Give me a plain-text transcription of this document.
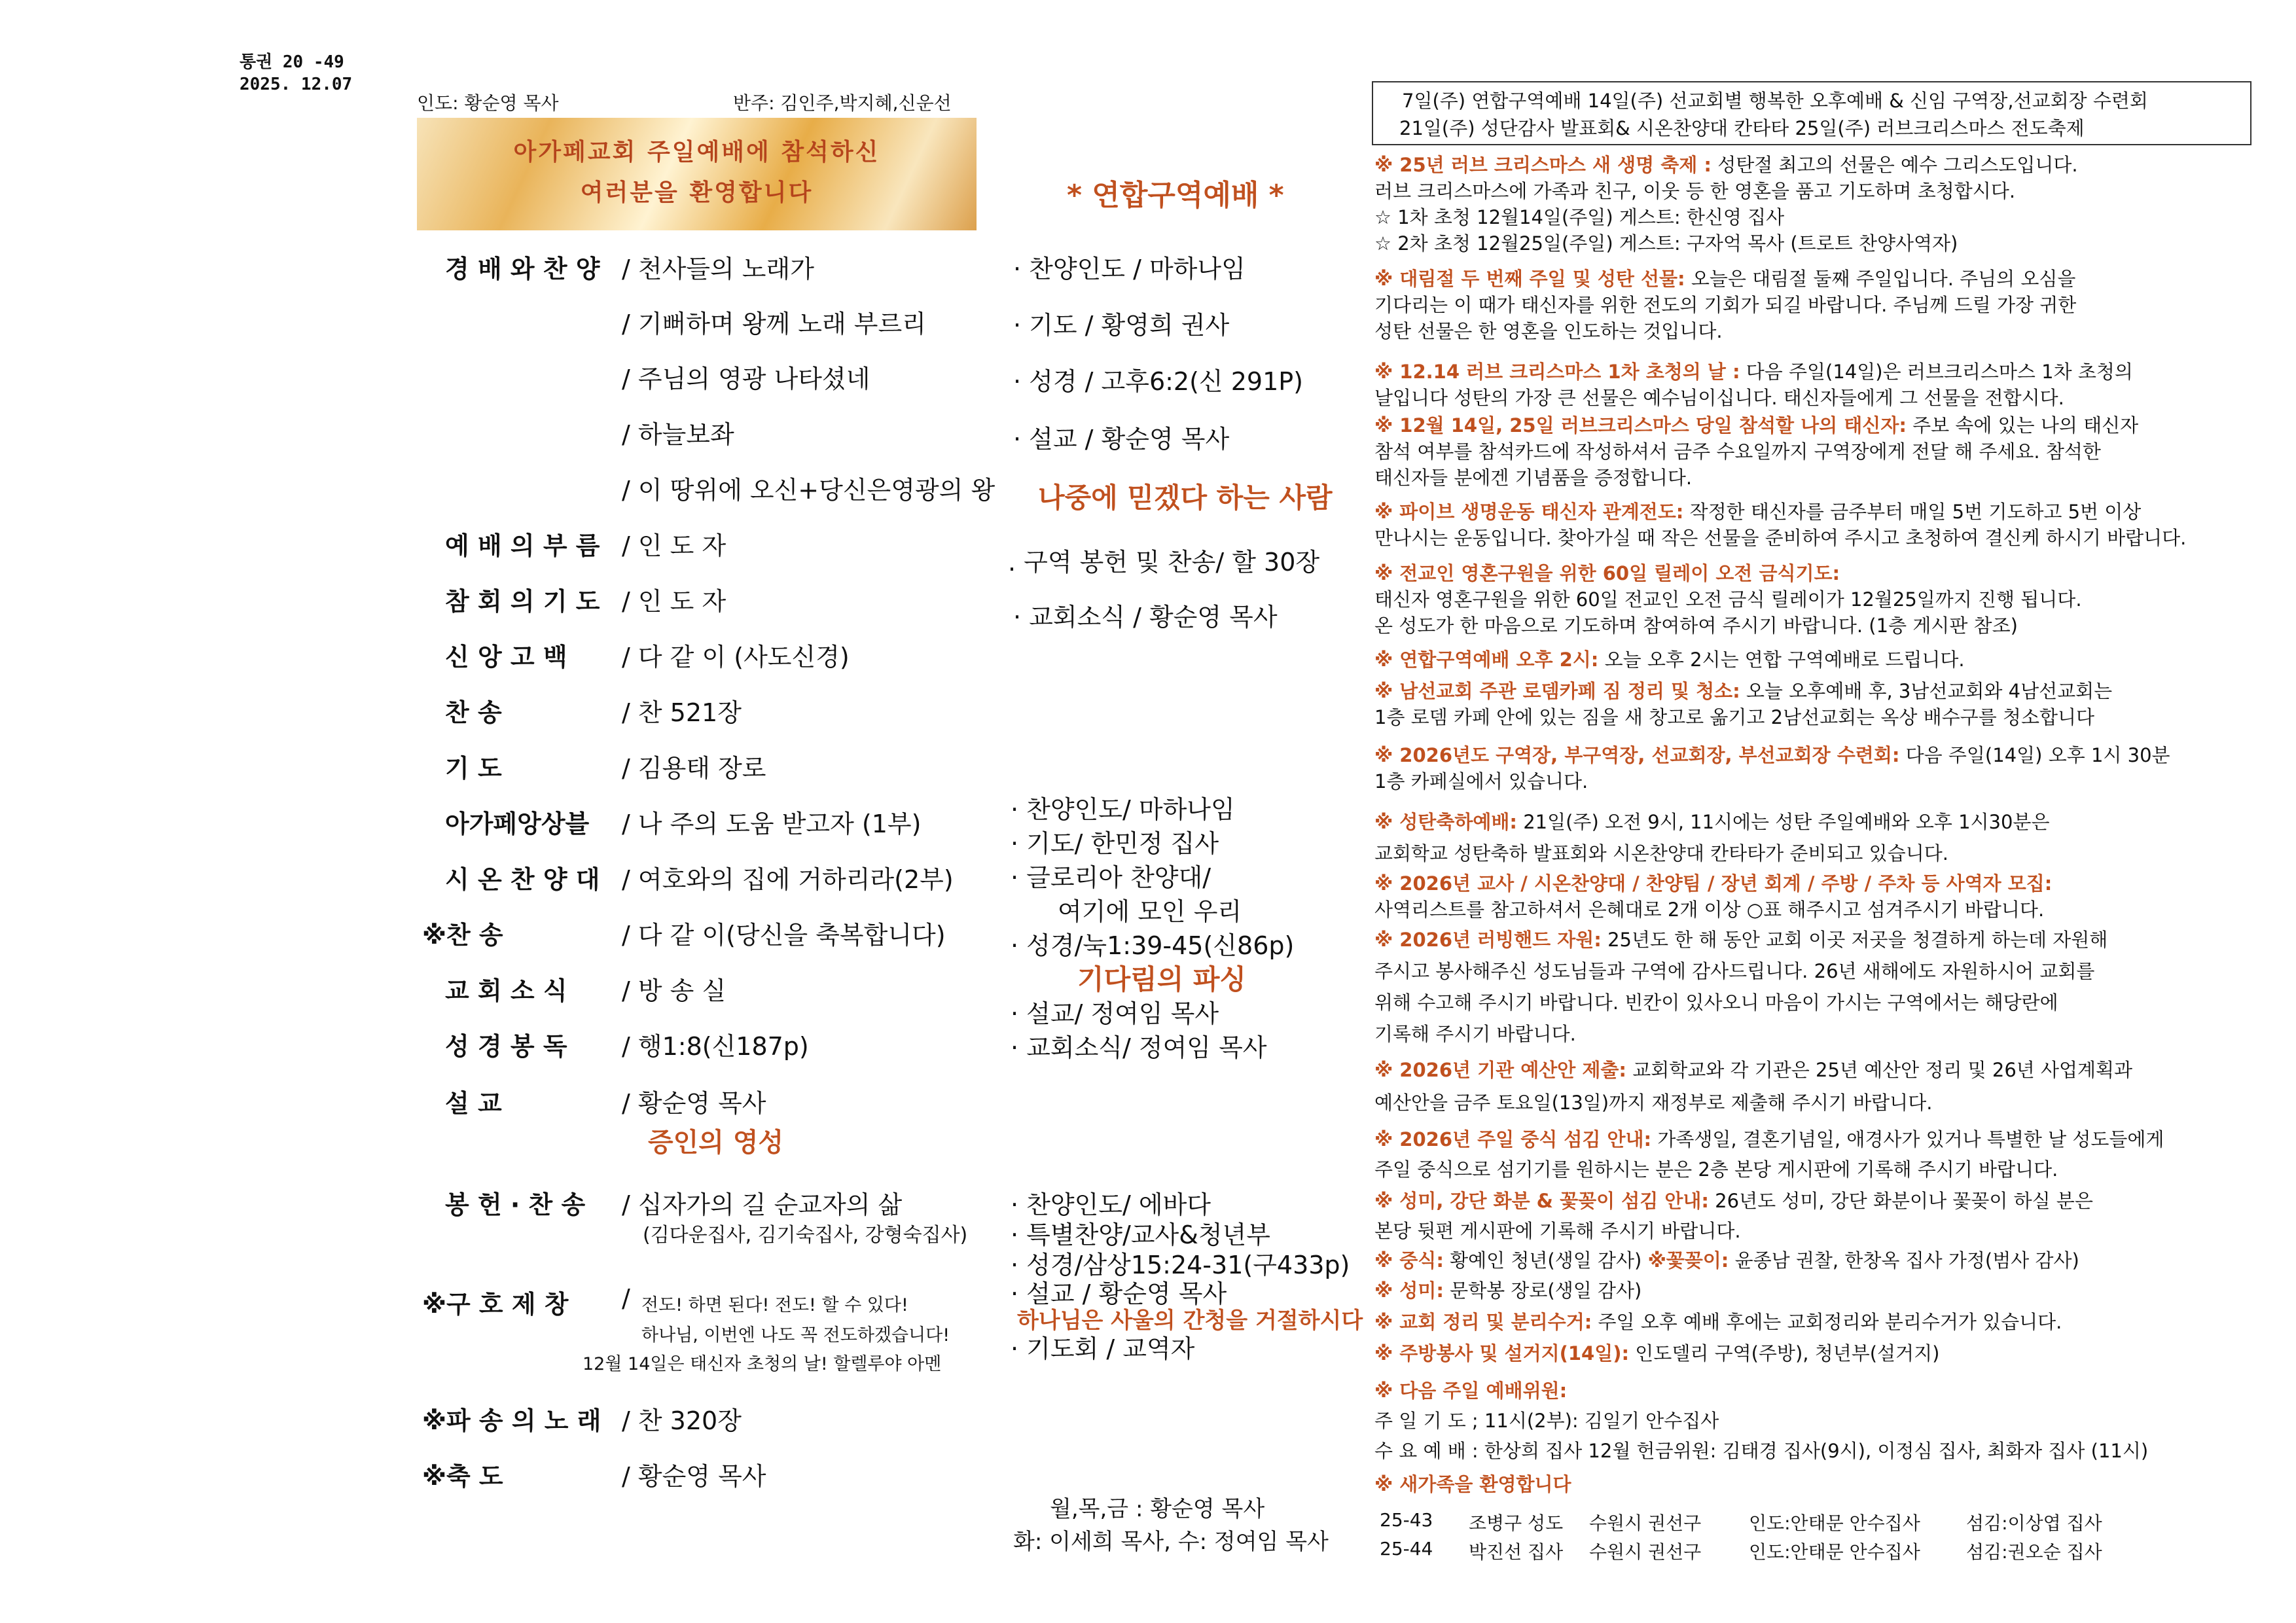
통권 20 -49
2025. 12.07
인도: 황순영 목사	반주: 김인주,박지혜,신운선
아가페교회 주일예배에 참석하신
여러분을 환영합니다
경 배 와 찬 양 / 천사들의 노래가
/ 기뻐하며 왕께 노래 부르리
/ 주님의 영광 나타셨네
/ 하늘보좌
/ 이 땅위에 오신+당신은영광의 왕
예 배 의 부 름 / 인 도 자
참 회 의 기 도 / 인 도 자
신 앙 고 백 / 다 같 이 (사도신경)
찬 송	/ 찬 521장
기 도	/ 김용태 장로
아가페앙상블 / 나 주의 도움 받고자 (1부)
시 온 찬 양 대 / 여호와의 집에 거하리라(2부)
※찬 송	/ 다 같 이(당신을 축복합니다)
교 회 소 식 / 방 송 실
성 경 봉 독 / 행1:8(신187p)
설 교	/ 황순영 목사
증인의 영성
봉 헌 · 찬 송 / 십자가의 길 순교자의 삶
(김다운집사, 김기숙집사, 강형숙집사)
※구 호 제 창 / 전도! 하면 된다! 전도! 할 수 있다!
하나님, 이번엔 나도 꼭 전도하겠습니다!
12월 14일은 태신자 초청의 날! 할렐루야 아멘
※파 송 의 노 래 / 찬 320장
※축 도	/ 황순영 목사
* 연합구역예배 *
· 찬양인도 / 마하나임
· 기도 / 황영희 권사
· 성경 / 고후6:2(신 291P)
· 설교 / 황순영 목사
나중에 믿겠다 하는 사람
. 구역 봉헌 및 찬송/ 할 30장
· 교회소식 / 황순영 목사
· 찬양인도/ 마하나임
· 기도/ 한민정 집사
· 글로리아 찬양대/
여기에 모인 우리
· 성경/눅1:39-45(신86p)
기다림의 파싱
· 설교/ 정여임 목사
· 교회소식/ 정여임 목사
· 찬양인도/ 에바다
· 특별찬양/교사&청년부
· 성경/삼상15:24-31(구433p)
· 설교 / 황순영 목사
하나님은 사울의 간청을 거절하시다
· 기도회 / 교역자
월,목,금 : 황순영 목사
화: 이세희 목사, 수: 정여임 목사
7일(주) 연합구역예배 14일(주) 선교회별 행복한 오후예배 & 신임 구역장,선교회장 수련회
21일(주) 성단감사 발표회& 시온찬양대 칸타타 25일(주) 러브크리스마스 전도축제
※ 25년 러브 크리스마스 새 생명 축제 : 성탄절 최고의 선물은 예수 그리스도입니다.
러브 크리스마스에 가족과 친구, 이웃 등 한 영혼을 품고 기도하며 초청합시다.
☆ 1차 초청 12월14일(주일) 게스트: 한신영 집사
☆ 2차 초청 12월25일(주일) 게스트: 구자억 목사 (트로트 찬양사역자)
※ 대림절 두 번째 주일 및 성탄 선물: 오늘은 대림절 둘째 주일입니다. 주님의 오심을
기다리는 이 때가 태신자를 위한 전도의 기회가 되길 바랍니다. 주님께 드릴 가장 귀한
성탄 선물은 한 영혼을 인도하는 것입니다.
※ 12.14 러브 크리스마스 1차 초청의 날 : 다음 주일(14일)은 러브크리스마스 1차 초청의
날입니다 성탄의 가장 큰 선물은 예수님이십니다. 태신자들에게 그 선물을 전합시다.
※ 12월 14일, 25일 러브크리스마스 당일 참석할 나의 태신자: 주보 속에 있는 나의 태신자
참석 여부를 참석카드에 작성하셔서 금주 수요일까지 구역장에게 전달 해 주세요. 참석한
태신자들 분에겐 기념품을 증정합니다.
※ 파이브 생명운동 태신자 관계전도: 작정한 태신자를 금주부터 매일 5번 기도하고 5번 이상
만나시는 운동입니다. 찾아가실 때 작은 선물을 준비하여 주시고 초청하여 결신케 하시기 바랍니다.
※ 전교인 영혼구원을 위한 60일 릴레이 오전 금식기도:
태신자 영혼구원을 위한 60일 전교인 오전 금식 릴레이가 12월25일까지 진행 됩니다.
온 성도가 한 마음으로 기도하며 참여하여 주시기 바랍니다. (1층 게시판 참조)
※ 연합구역예배 오후 2시: 오늘 오후 2시는 연합 구역예배로 드립니다.
※ 남선교회 주관 로뎀카페 짐 정리 및 청소: 오늘 오후예배 후, 3남선교회와 4남선교회는
1층 로뎀 카페 안에 있는 짐을 새 창고로 옮기고 2남선교회는 옥상 배수구를 청소합니다
※ 2026년도 구역장, 부구역장, 선교회장, 부선교회장 수련회: 다음 주일(14일) 오후 1시 30분
1층 카페실에서 있습니다.
※ 성탄축하예배: 21일(주) 오전 9시, 11시에는 성탄 주일예배와 오후 1시30분은
교회학교 성탄축하 발표회와 시온찬양대 칸타타가 준비되고 있습니다.
※ 2026년 교사 / 시온찬양대 / 찬양팀 / 장년 회계 / 주방 / 주차 등 사역자 모집:
사역리스트를 참고하셔서 은혜대로 2개 이상 ○표 해주시고 섬겨주시기 바랍니다.
※ 2026년 러빙핸드 자원: 25년도 한 해 동안 교회 이곳 저곳을 청결하게 하는데 자원해
주시고 봉사해주신 성도님들과 구역에 감사드립니다. 26년 새해에도 자원하시어 교회를
위해 수고해 주시기 바랍니다. 빈칸이 있사오니 마음이 가시는 구역에서는 해당란에
기록해 주시기 바랍니다.
※ 2026년 기관 예산안 제출: 교회학교와 각 기관은 25년 예산안 정리 및 26년 사업계획과
예산안을 금주 토요일(13일)까지 재정부로 제출해 주시기 바랍니다.
※ 2026년 주일 중식 섬김 안내: 가족생일, 결혼기념일, 애경사가 있거나 특별한 날 성도들에게
주일 중식으로 섬기기를 원하시는 분은 2층 본당 게시판에 기록해 주시기 바랍니다.
※ 성미, 강단 화분 & 꽃꽂이 섬김 안내: 26년도 성미, 강단 화분이나 꽃꽂이 하실 분은
본당 뒷편 게시판에 기록해 주시기 바랍니다.
※ 중식: 황예인 청년(생일 감사) ※꽃꽂이: 윤종남 권찰, 한창옥 집사 가정(범사 감사)
※ 성미: 문학봉 장로(생일 감사)
※ 교회 정리 및 분리수거: 주일 오후 예배 후에는 교회정리와 분리수거가 있습니다.
※ 주방봉사 및 설거지(14일): 인도델리 구역(주방), 청년부(설거지)
※ 다음 주일 예배위원:
주 일 기 도 ; 11시(2부): 김일기 안수집사
수 요 예 배 : 한상희 집사 12월 헌금위원: 김태경 집사(9시), 이정심 집사, 최화자 집사 (11시)
※ 새가족을 환영합니다
25-43 조병구 성도 수원시 권선구	인도:안태문 안수집사	섬김:이상엽 집사
25-44 박진선 집사 수원시 권선구	인도:안태문 안수집사	섬김:권오순 집사
